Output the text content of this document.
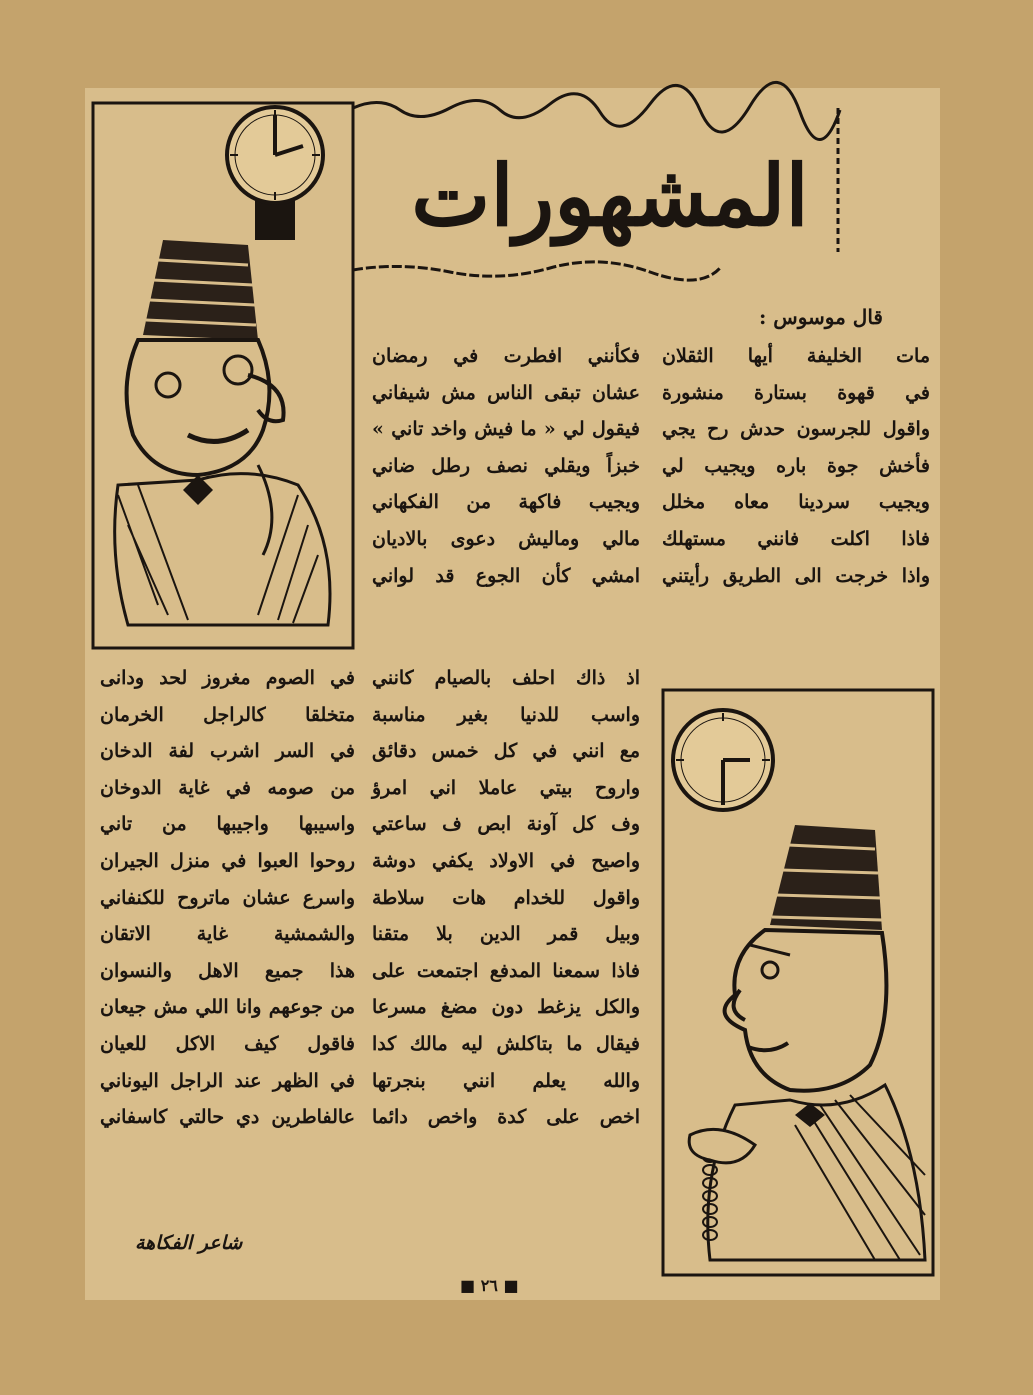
المشهورات
قال موسوس :

مات الخليفة أيها الثقلان

في قهوة بستارة منشورة

واقول للجرسون حدش رح يجي

فأخش جوة باره ويجيب لي

ويجيب سردينا معاه مخلل

فاذا اكلت فانني مستهلك

واذا خرجت الى الطريق رأيتني

فكأنني افطرت في رمضان

عشان تبقى الناس مش شيفاني

فيقول لي « ما فيش واخد تاني »

خبزاً ويقلي نصف رطل ضاني

ويجيب فاكهة من الفكهاني

مالي وماليش دعوى بالاديان

امشي كأن الجوع قد لواني

اذ ذاك احلف بالصيام كانني

واسب للدنيا بغير مناسبة

مع انني في كل خمس دقائق

واروح بيتي عاملا اني امرؤ

وف كل آونة ابص ف ساعتي

واصيح في الاولاد يكفي دوشة

واقول للخدام هات سلاطة

وبيل قمر الدين بلا متقنا

فاذا سمعنا المدفع اجتمعت على

والكل يزغط دون مضغ مسرعا

فيقال ما بتاكلش ليه مالك كدا

والله يعلم انني بنجرتها

اخص على كدة واخص دائما

في الصوم مغروز لحد ودانى

متخلقا كالراجل الخرمان

في السر اشرب لفة الدخان

من صومه في غاية الدوخان

واسيبها واجيبها من تاني

روحوا العبوا في منزل الجيران

واسرع عشان ماتروح للكنفاني

والشمشية غاية الاتقان

هذا جميع الاهل والنسوان

من جوعهم وانا اللي مش جيعان

فاقول كيف الاكل للعيان

في الظهر عند الراجل اليوناني

عالفاطرين دي حالتي كاسفاني

شاعر الفكاهة
■ ٢٦ ■
